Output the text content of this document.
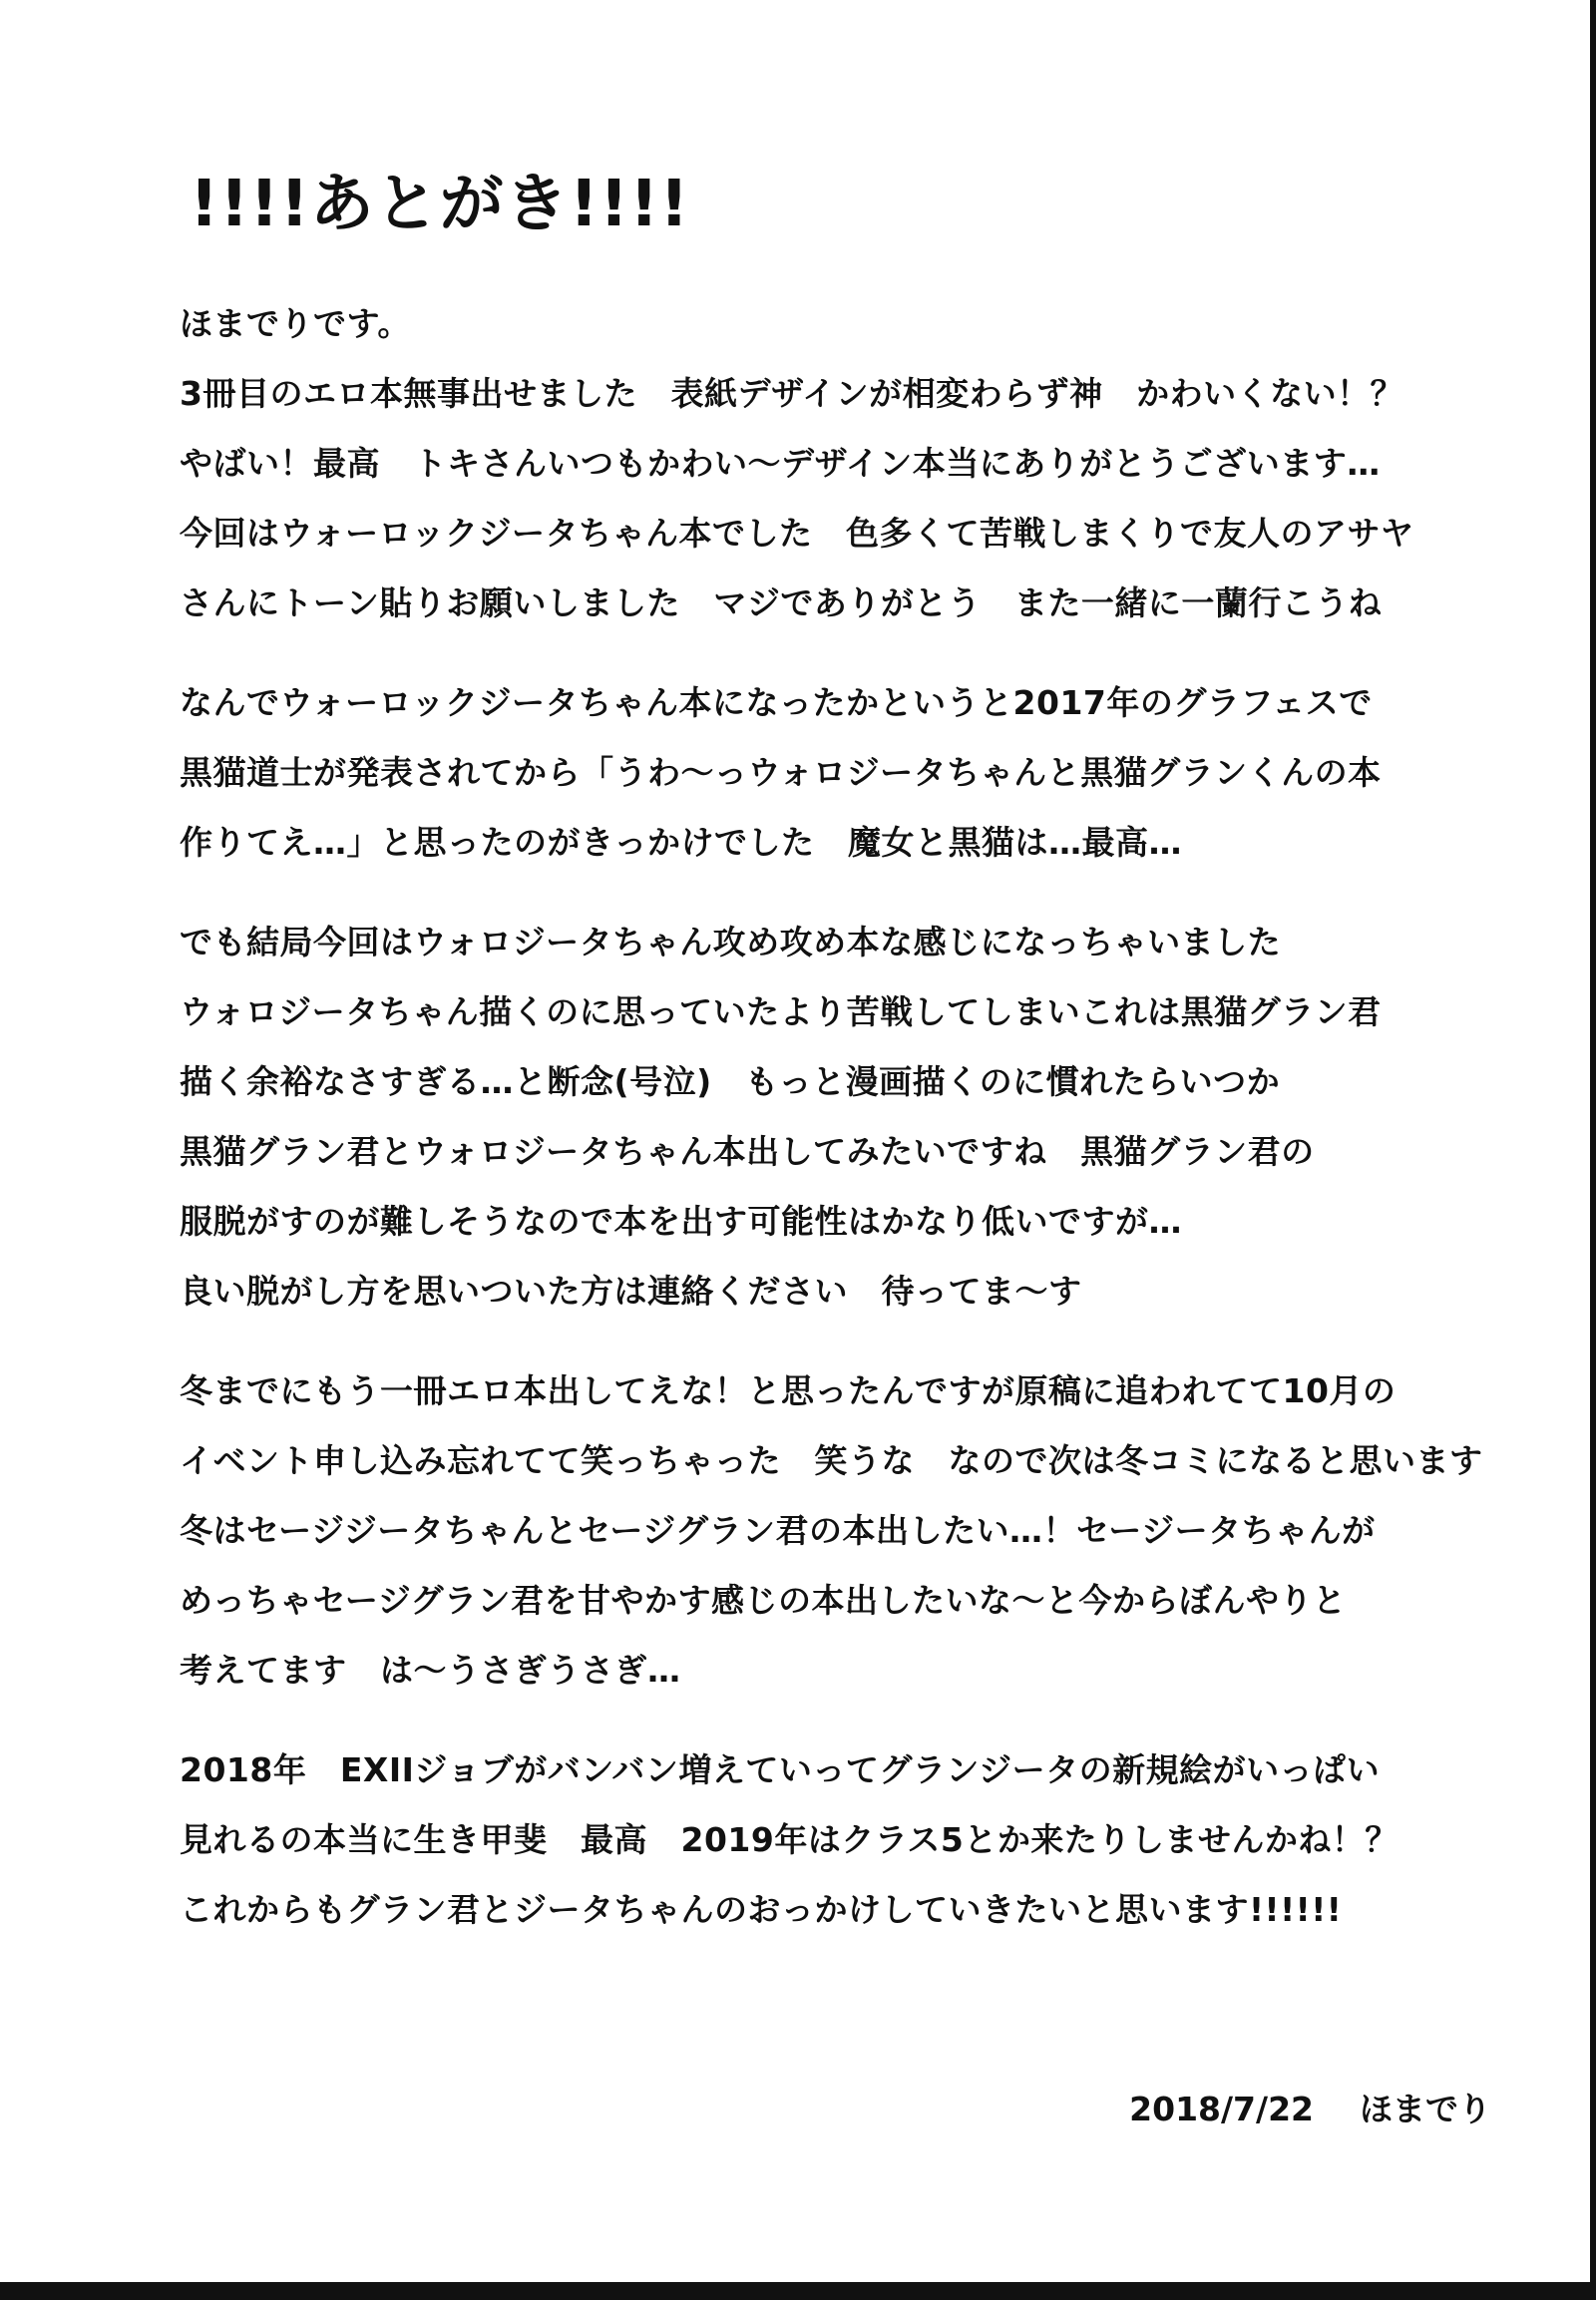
!!!!あとがき!!!!
ほまでりです。
3冊目のエロ本無事出せました　表紙デザインが相変わらず神　かわいくない！？
やばい！最高　トキさんいつもかわい〜デザイン本当にありがとうございます…
今回はウォーロックジータちゃん本でした　色多くて苦戦しまくりで友人のアサヤ
さんにトーン貼りお願いしました　マジでありがとう　また一緒に一蘭行こうね
なんでウォーロックジータちゃん本になったかというと2017年のグラフェスで
黒猫道士が発表されてから「うわ〜っウォロジータちゃんと黒猫グランくんの本
作りてえ…」と思ったのがきっかけでした　魔女と黒猫は…最高…
でも結局今回はウォロジータちゃん攻め攻め本な感じになっちゃいました
ウォロジータちゃん描くのに思っていたより苦戦してしまいこれは黒猫グラン君
描く余裕なさすぎる…と断念(号泣)　もっと漫画描くのに慣れたらいつか
黒猫グラン君とウォロジータちゃん本出してみたいですね　黒猫グラン君の
服脱がすのが難しそうなので本を出す可能性はかなり低いですが…
良い脱がし方を思いついた方は連絡ください　待ってま〜す
冬までにもう一冊エロ本出してえな！と思ったんですが原稿に追われてて10月の
イベント申し込み忘れてて笑っちゃった　笑うな　なので次は冬コミになると思います
冬はセージジータちゃんとセージグラン君の本出したい…！セージータちゃんが
めっちゃセージグラン君を甘やかす感じの本出したいな〜と今からぼんやりと
考えてます　は〜うさぎうさぎ…
2018年　EXIIジョブがバンバン増えていってグランジータの新規絵がいっぱい
見れるの本当に生き甲斐　最高　2019年はクラス5とか来たりしませんかね！？
これからもグラン君とジータちゃんのおっかけしていきたいと思います!!!!!!
2018/7/22 ほまでり
